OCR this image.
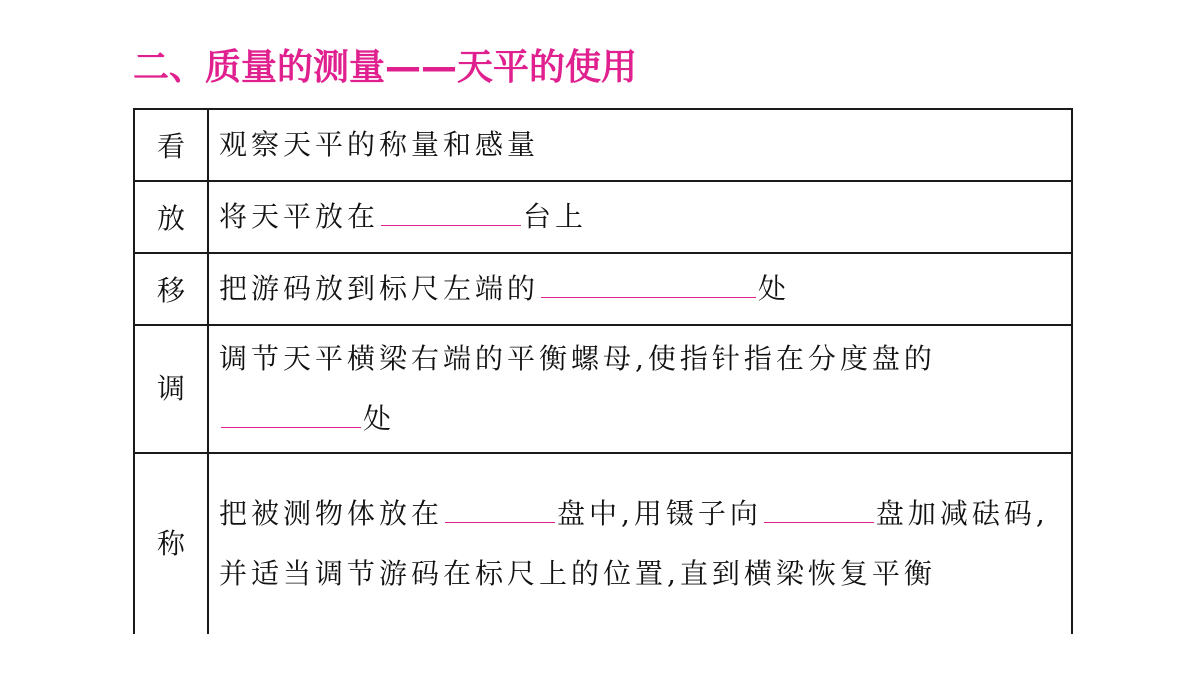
二、质量的测量——天平的使用
看	观察天平的称量和感量
放	将天平放在 台上
移	把游码放到标尺左端的 处
调	调节天平横梁右端的平衡螺母,使指针指在分度盘的
处
称	把被测物体放在 盘中,用镊子向 盘加减砝码,并适当调节游码在标尺上的位置,直到横梁恢复平衡
